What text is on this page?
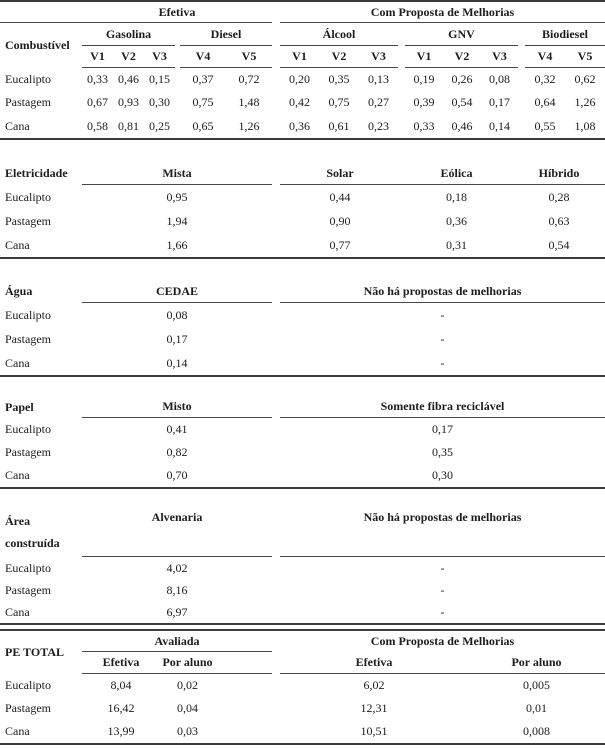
Efetiva	Com Proposta de Melhorias
Combustível
Gasolina	Diesel	Álcool	GNV	Biodiesel
V1	V2	V3	V4	V5	V1	V2	V3	V1	V2	V3	V4	V5
Eucalipto	0,33 0,46 0,15	0,37	0,72	0,20	0,35	0,13	0,19	0,26	0,08	0,32	0,62
Pastagem	0,67 0,93 0,30	0,75	1,48	0,42	0,75	0,27	0,39	0,54	0,17	0,64	1,26
Cana	0,58 0,81 0,25	0,65	1,26	0,36	0,61	0,23	0,33	0,46	0,14	0,55	1,08
Eletricidade	Mista	Solar	Eólica	Híbrido
Eucalipto	0,95	0,44	0,18	0,28
Pastagem	1,94	0,90	0,36	0,63
Cana	1,66	0,77	0,31	0,54
Água	CEDAE	Não há propostas de melhorias
Eucalipto	0,08	-
Pastagem	0,17	-
Cana	0,14	-
Papel	Misto	Somente fibra reciclável
Eucalipto	0,41	0,17
Pastagem	0,82	0,35
Cana	0,70	0,30
Área
construída
Alvenaria	Não há propostas de melhorias
Eucalipto	4,02	-
Pastagem	8,16	-
Cana	6,97	-
PE TOTAL
Avaliada	Com Proposta de Melhorias
Efetiva	Por aluno	Efetiva	Por aluno
Eucalipto	8,04	0,02	6,02	0,005
Pastagem	16,42	0,04	12,31	0,01
Cana	13,99	0,03	10,51	0,008
